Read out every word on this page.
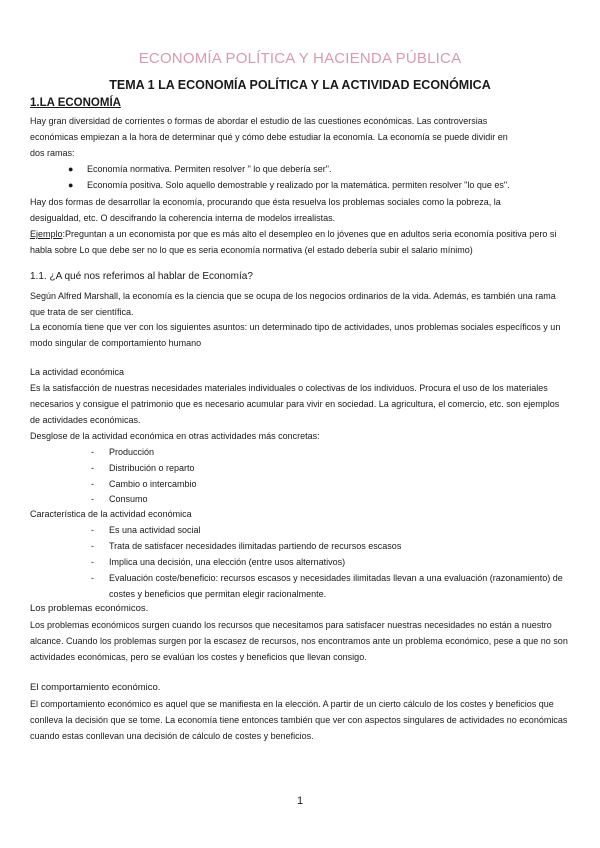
ECONOMÍA POLÍTICA Y HACIENDA PÚBLICA
TEMA 1 LA ECONOMÍA POLÍTICA Y LA ACTIVIDAD ECONÓMICA
1.LA ECONOMÍA
Hay gran diversidad de corrientes o formas de abordar el estudio de las cuestiones económicas. Las controversias
económicas empiezan a la hora de determinar qué y cómo debe estudiar la economía. La economía se puede dividir en
dos ramas:
● Economía normativa. Permiten resolver " lo que debería ser".
● Economía positiva. Solo aquello demostrable y realizado por la matemática. permiten resolver "lo que es".
Hay dos formas de desarrollar la economía, procurando que ésta resuelva los problemas sociales como la pobreza, la
desigualdad, etc. O descifrando la coherencia interna de modelos irrealistas.
Ejemplo:Preguntan a un economista por que es más alto el desempleo en lo jóvenes que en adultos seria economía positiva pero si
habla sobre Lo que debe ser no lo que es seria economía normativa (el estado debería subir el salario mínimo)
1.1. ¿A qué nos referimos al hablar de Economía?
Según Alfred Marshall, la economía es la ciencia que se ocupa de los negocios ordinarios de la vida. Además, es también una rama
que trata de ser científica.
La economía tiene que ver con los siguientes asuntos: un determinado tipo de actividades, unos problemas sociales específicos y un
modo singular de comportamiento humano
La actividad económica
Es la satisfacción de nuestras necesidades materiales individuales o colectivas de los individuos. Procura el uso de los materiales
necesarios y consigue el patrimonio que es necesario acumular para vivir en sociedad. La agricultura, el comercio, etc. son ejemplos
de actividades económicas.
Desglose de la actividad económica en otras actividades más concretas:
- Producción
- Distribución o reparto
- Cambio o intercambio
- Consumo
Característica de la actividad económica
- Es una actividad social
- Trata de satisfacer necesidades ilimitadas partiendo de recursos escasos
- Implica una decisión, una elección (entre usos alternativos)
- Evaluación coste/beneficio: recursos escasos y necesidades ilimitadas llevan a una evaluación (razonamiento) de
costes y beneficios que permitan elegir racionalmente.
Los problemas económicos.
Los problemas económicos surgen cuando los recursos que necesitamos para satisfacer nuestras necesidades no están a nuestro
alcance. Cuando los problemas surgen por la escasez de recursos, nos encontramos ante un problema económico, pese a que no son
actividades económicas, pero se evalúan los costes y beneficios que llevan consigo.
El comportamiento económico.
El comportamiento económico es aquel que se manifiesta en la elección. A partir de un cierto cálculo de los costes y beneficios que
conlleva la decisión que se tome. La economía tiene entonces también que ver con aspectos singulares de actividades no económicas
cuando estas conllevan una decisión de cálculo de costes y beneficios.
1
